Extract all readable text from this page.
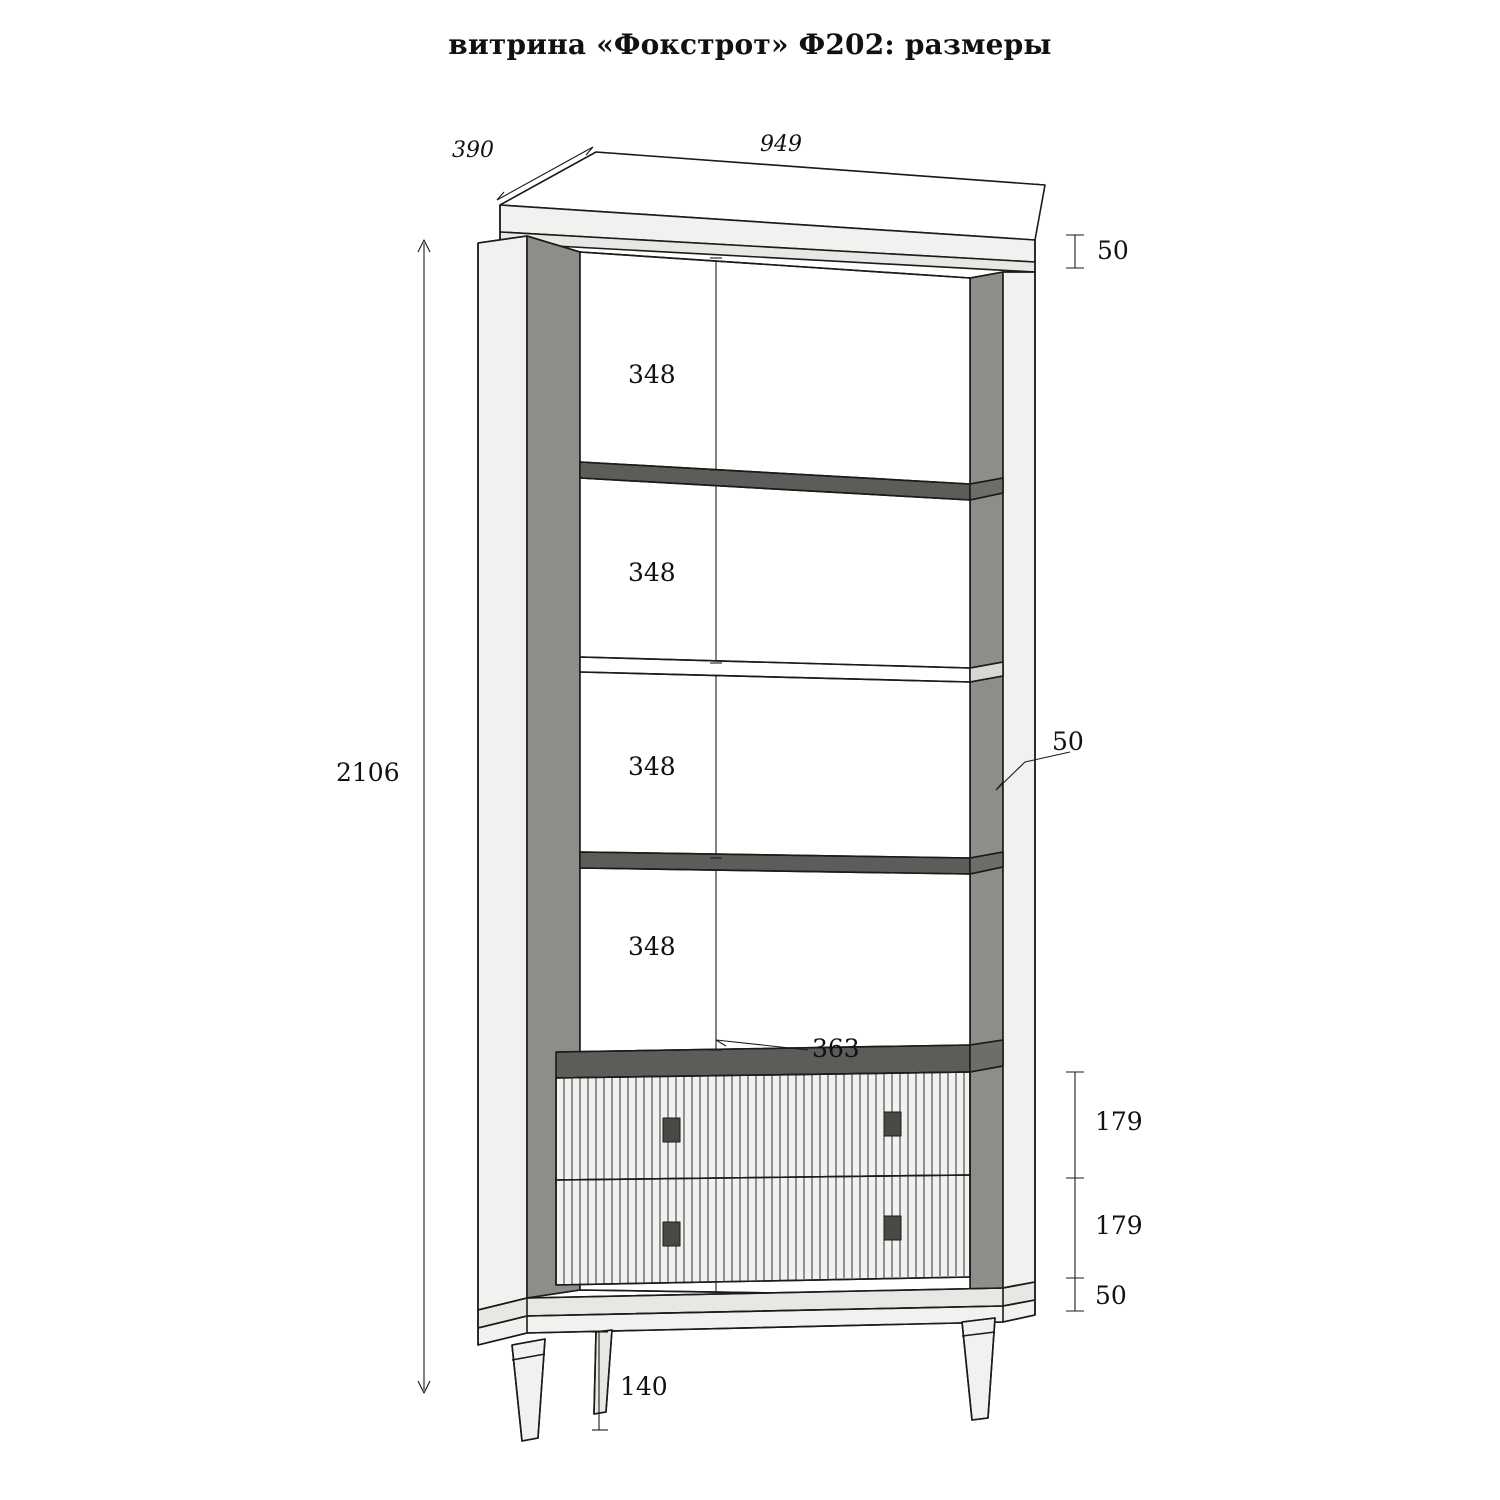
витрина «Фокстрот» Ф202: размеры
390	949
50
348
348
348
348
50
2106
363
179
179
50
140
